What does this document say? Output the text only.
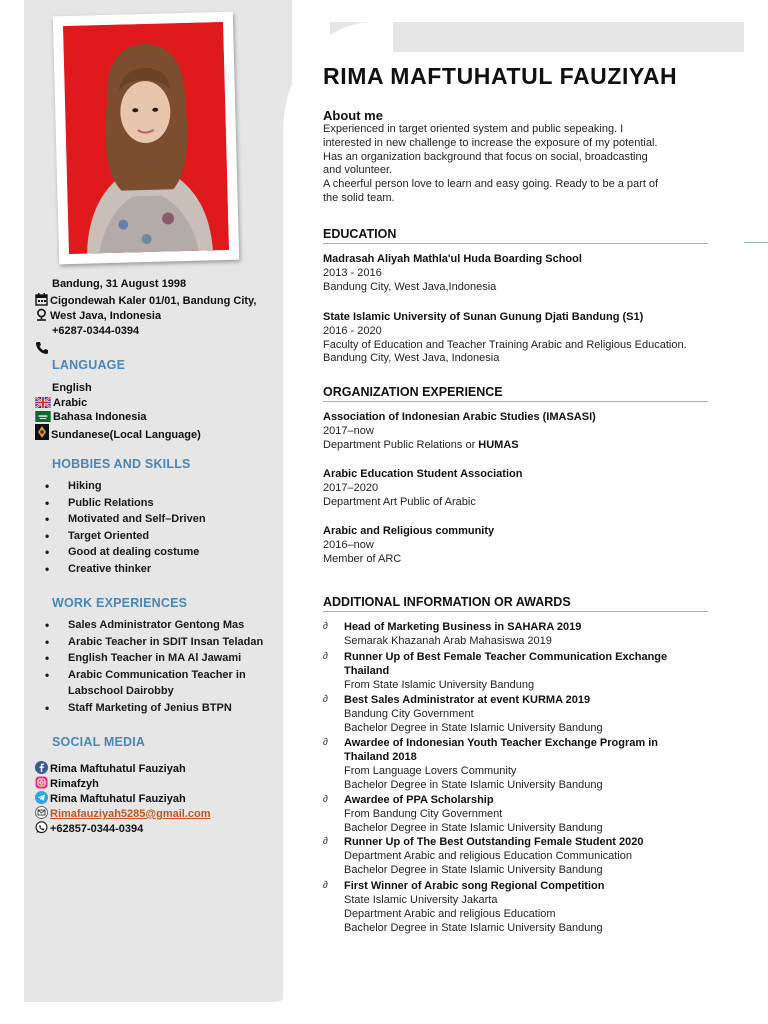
Bandung, 31 August 1998
Cigondewah Kaler 01/01, Bandung City,
West Java, Indonesia
+6287-0344-0394
LANGUAGE
English
Arabic
Bahasa Indonesia
Sundanese(Local Language)
HOBBIES AND SKILLS
• Hiking
• Public Relations
• Motivated and Self–Driven
• Target Oriented
• Good at dealing costume
• Creative thinker
WORK EXPERIENCES
• Sales Administrator Gentong Mas
• Arabic Teacher in SDIT Insan Teladan
• English Teacher in MA Al Jawami
• Arabic Communication Teacher in Labschool Dairobby
• Staff Marketing of Jenius BTPN
SOCIAL MEDIA
Rima Maftuhatul Fauziyah
Rimafzyh
Rima Maftuhatul Fauziyah
Rimafauziyah5285@gmail.com
+62857-0344-0394
RIMA MAFTUHATUL FAUZIYAH
About me
Experienced in target oriented system and public sepeaking. I
interested in new challenge to increase the exposure of my potential.
Has an organization background that focus on social, broadcasting
and volunteer.
A cheerful person love to learn and easy going. Ready to be a part of
the solid team.
EDUCATION
Madrasah Aliyah Mathla'ul Huda Boarding School
2013 - 2016
Bandung City, West Java,Indonesia
State Islamic University of Sunan Gunung Djati Bandung (S1)
2016 - 2020
Faculty of Education and Teacher Training Arabic and Religious Education.
Bandung City, West Java, Indonesia
ORGANIZATION EXPERIENCE
Association of Indonesian Arabic Studies (IMASASI)
2017–now
Department Public Relations or HUMAS
Arabic Education Student Association
2017–2020
Department Art Public of Arabic
Arabic and Religious community
2016–now
Member of ARC
ADDITIONAL INFORMATION OR AWARDS
∂ Head of Marketing Business in SAHARA 2019
Semarak Khazanah Arab Mahasiswa 2019
∂ Runner Up of Best Female Teacher Communication Exchange
Thailand
From State Islamic University Bandung
∂ Best Sales Administrator at event KURMA 2019
Bandung City Government
Bachelor Degree in State Islamic University Bandung
∂ Awardee of Indonesian Youth Teacher Exchange Program in
Thailand 2018
From Language Lovers Community
Bachelor Degree in State Islamic University Bandung
∂ Awardee of PPA Scholarship
From Bandung City Government
Bachelor Degree in State Islamic University Bandung
∂ Runner Up of The Best Outstanding Female Student 2020
Department Arabic and religious Education Communication
Bachelor Degree in State Islamic University Bandung
∂ First Winner of Arabic song Regional Competition
State Islamic University Jakarta
Department Arabic and religious Educatiom
Bachelor Degree in State Islamic University Bandung
